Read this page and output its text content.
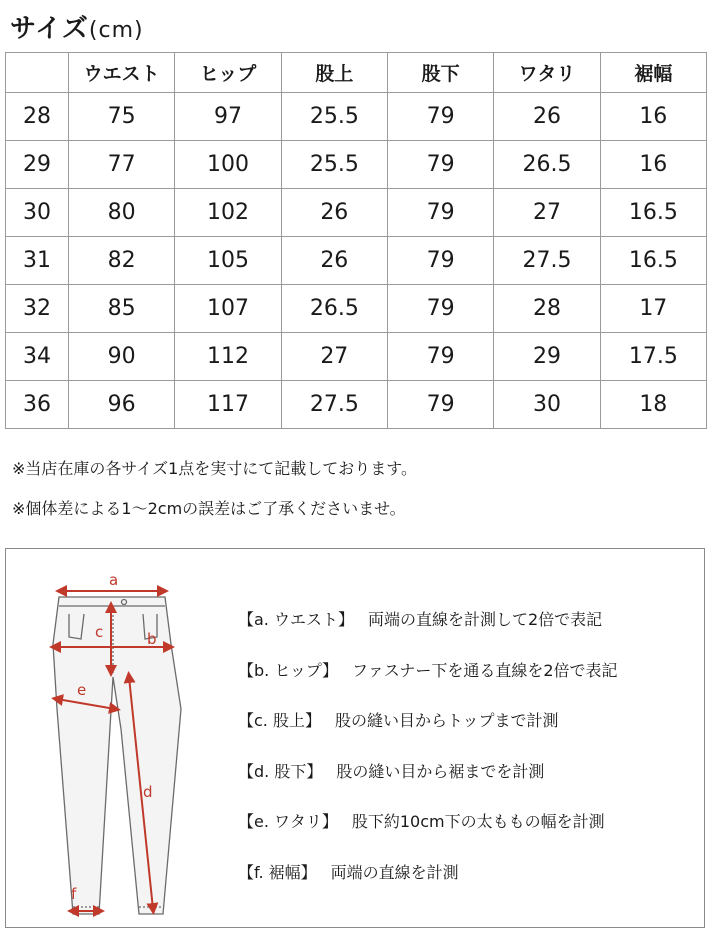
サイズ(cm)
	ウエスト	ヒップ	股上	股下	ワタリ	裾幅
28	75	97	25.5	79	26	16
29	77	100	25.5	79	26.5	16
30	80	102	26	79	27	16.5
31	82	105	26	79	27.5	16.5
32	85	107	26.5	79	28	17
34	90	112	27	79	29	17.5
36	96	117	27.5	79	30	18
※当店在庫の各サイズ1点を実寸にて記載しております。
※個体差による1〜2cmの誤差はご了承くださいませ。
a
c	b
e
d
f
【a. ウエスト】 両端の直線を計測して2倍で表記
【b. ヒップ】 ファスナー下を通る直線を2倍で表記
【c. 股上】 股の縫い目からトップまで計測
【d. 股下】 股の縫い目から裾までを計測
【e. ワタリ】 股下約10cm下の太ももの幅を計測
【f. 裾幅】 両端の直線を計測
